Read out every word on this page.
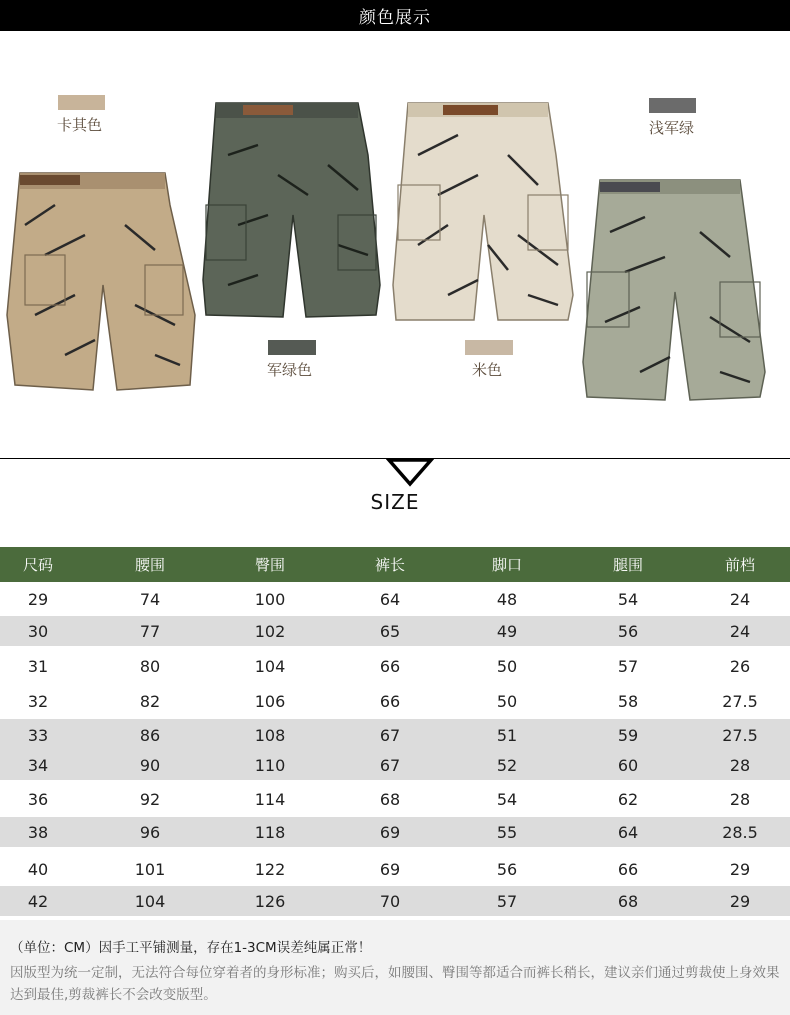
颜色展示
卡其色
军绿色	米色
浅军绿
SIZE
尺码	腰围	臀围	裤长	脚口	腿围	前档
29	74	100	64	48	54	24
30	77	102	65	49	56	24
31	80	104	66	50	57	26
32	82	106	66	50	58	27.5
33	86	108	67	51	59	27.5
34	90	110	67	52	60	28
36	92	114	68	54	62	28
38	96	118	69	55	64	28.5
40	101	122	69	56	66	29
42	104	126	70	57	68	29
（单位：CM）因手工平铺测量，存在1-3CM误差纯属正常！
因版型为统一定制，无法符合每位穿着者的身形标准；购买后，如腰围、臀围等都适合而裤长稍长，建议亲们通过剪裁使上身效果达到最佳,剪裁裤长不会改变版型。
